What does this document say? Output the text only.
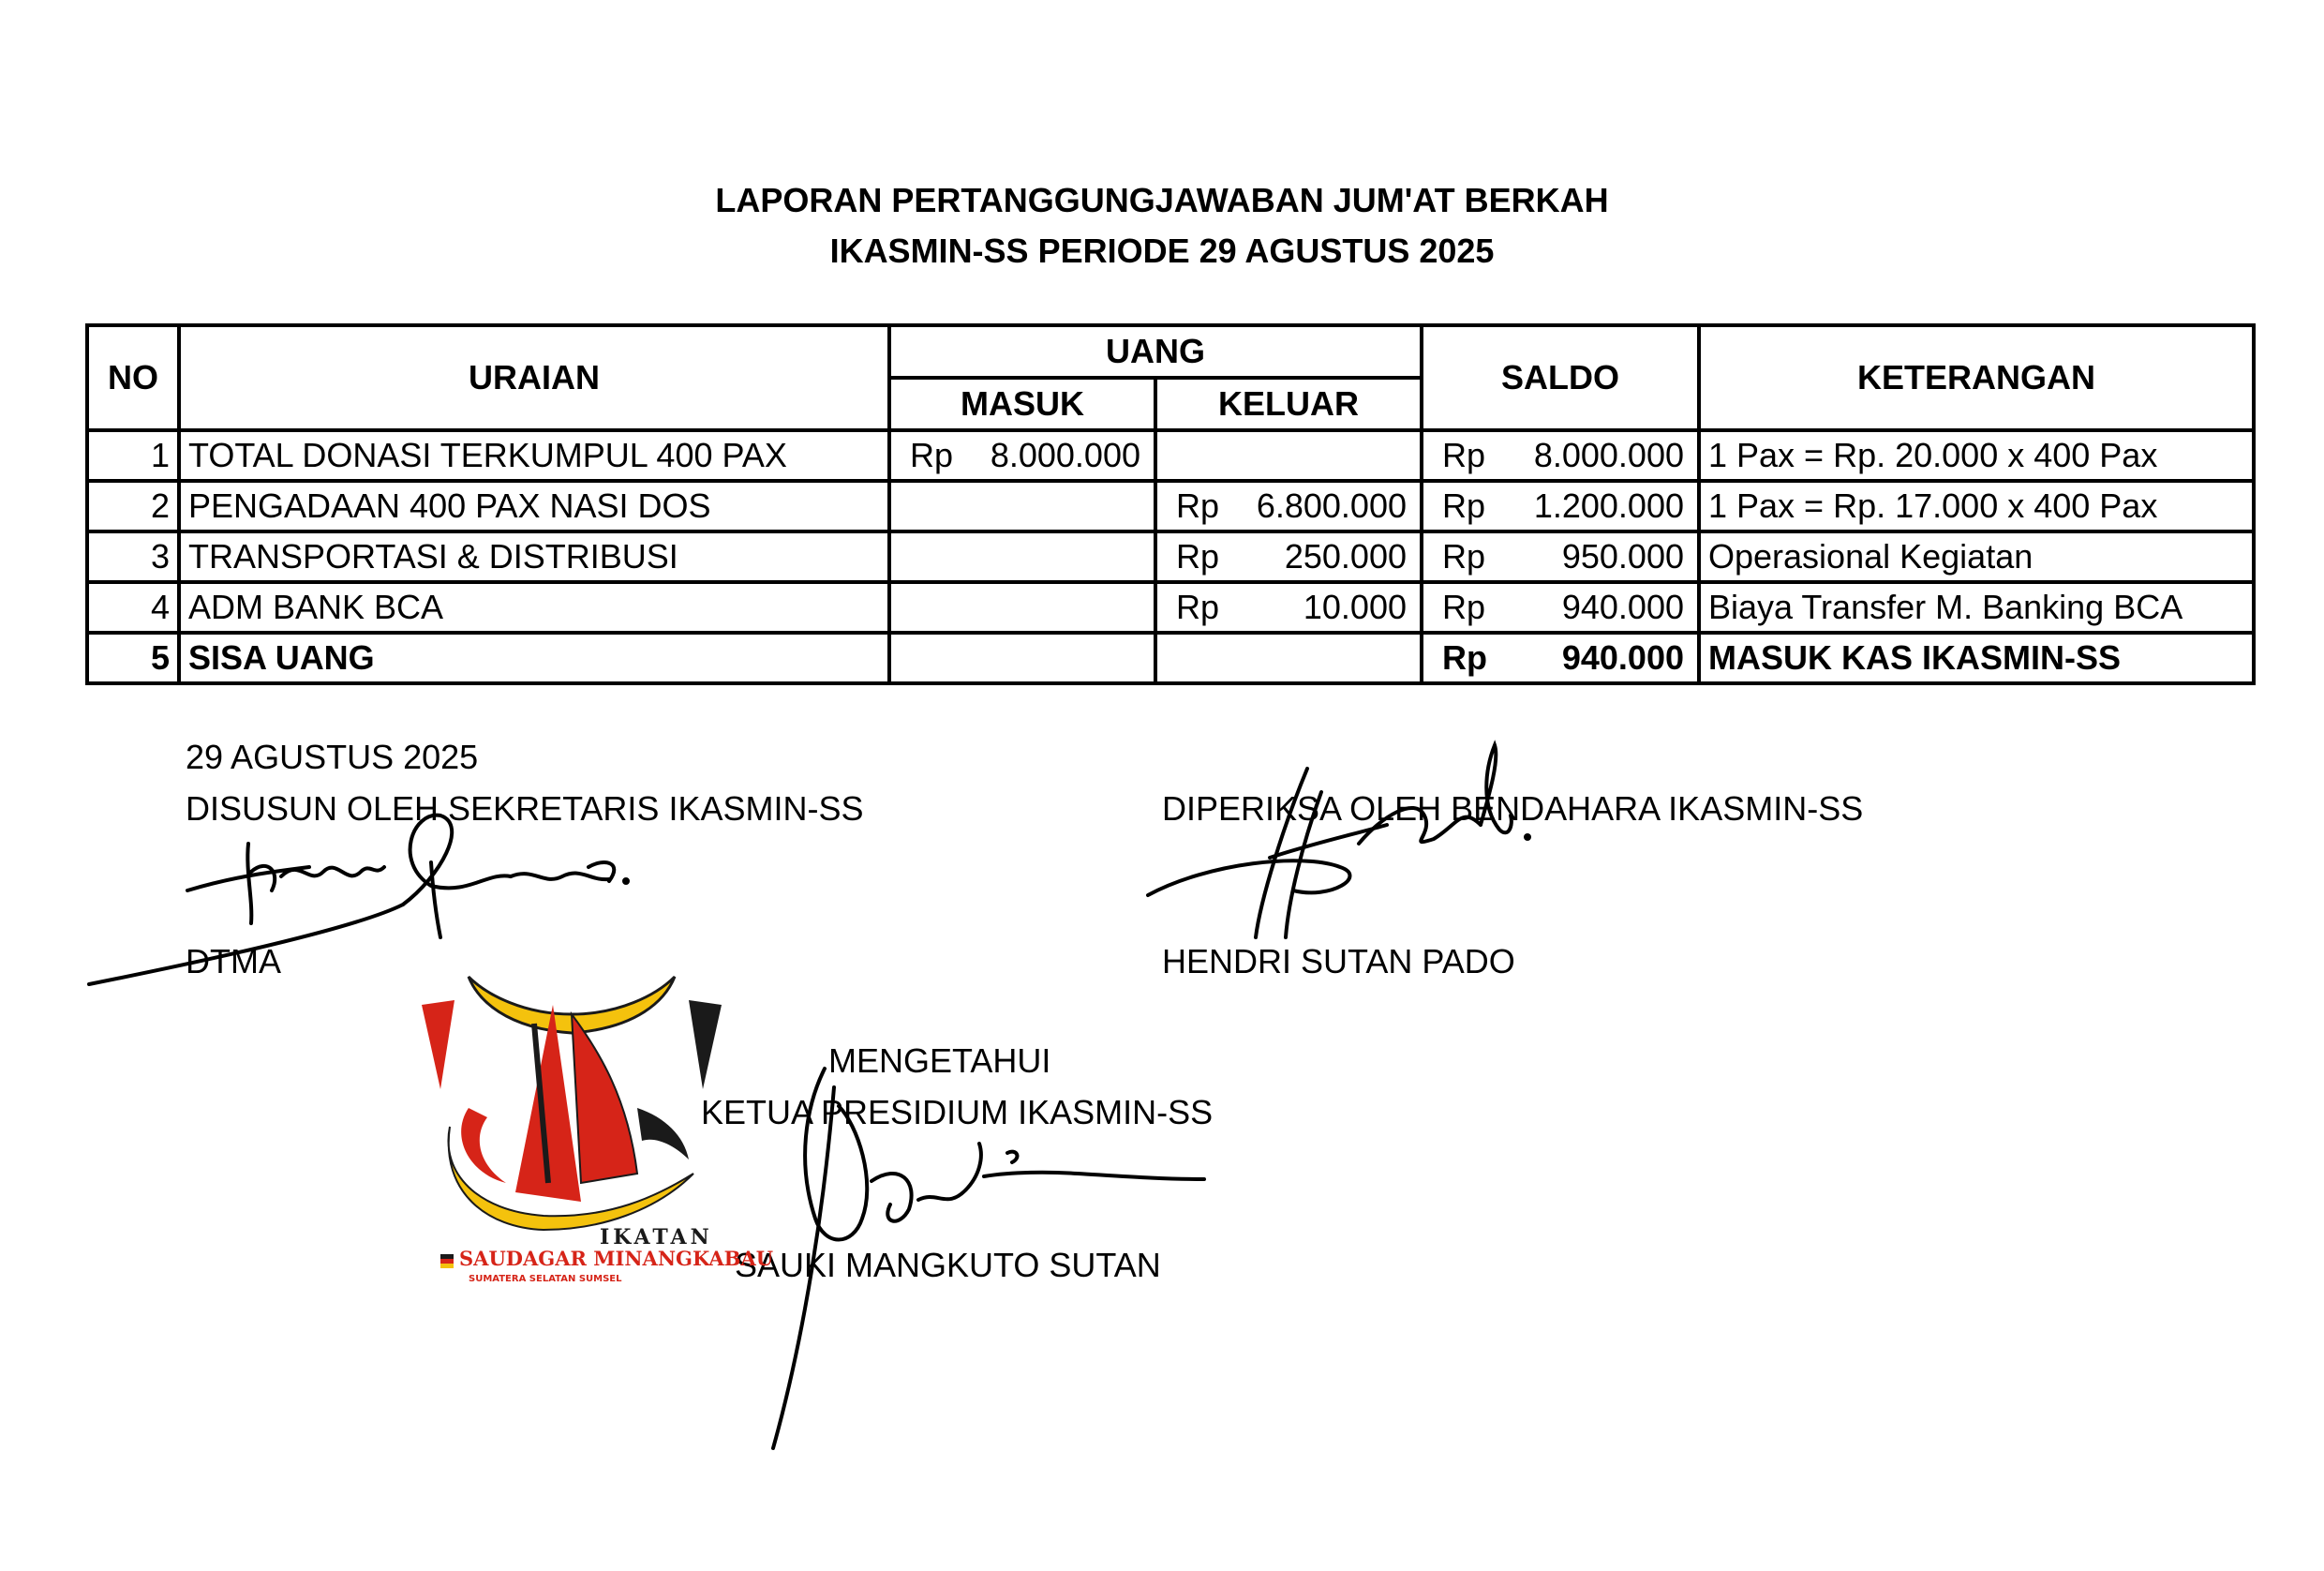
LAPORAN PERTANGGUNGJAWABAN JUM'AT BERKAH
IKASMIN-SS PERIODE 29 AGUSTUS 2025
NO	URAIAN	UANG		SALDO	KETERANGAN
		MASUK	KELUAR		
1	TOTAL DONASI TERKUMPUL 400 PAX	Rp 8.000.000		Rp 8.000.000	1 Pax = Rp. 20.000 x 400 Pax
2	PENGADAAN 400 PAX NASI DOS		Rp 6.800.000	Rp 1.200.000	1 Pax = Rp. 17.000 x 400 Pax
3	TRANSPORTASI & DISTRIBUSI		Rp 250.000	Rp 950.000	Operasional Kegiatan
4	ADM BANK BCA		Rp 10.000	Rp 940.000	Biaya Transfer M. Banking BCA
5	SISA UANG			Rp 940.000	MASUK KAS IKASMIN-SS
29 AGUSTUS 2025
DISUSUN OLEH SEKRETARIS IKASMIN-SS
DTMA
DIPERIKSA OLEH BENDAHARA IKASMIN-SS
HENDRI SUTAN PADO
MENGETAHUI
KETUA PRESIDIUM IKASMIN-SS
SAUKI MANGKUTO SUTAN
IKATAN
SAUDAGAR MINANGKABAU
SUMATERA SELATAN SUMSEL
